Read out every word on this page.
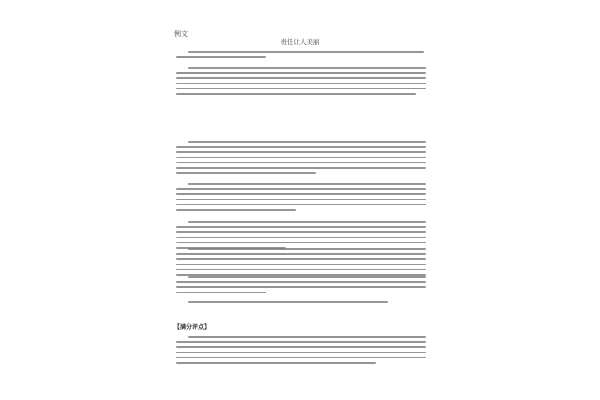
例文
责任让人美丽
【满分评点】
